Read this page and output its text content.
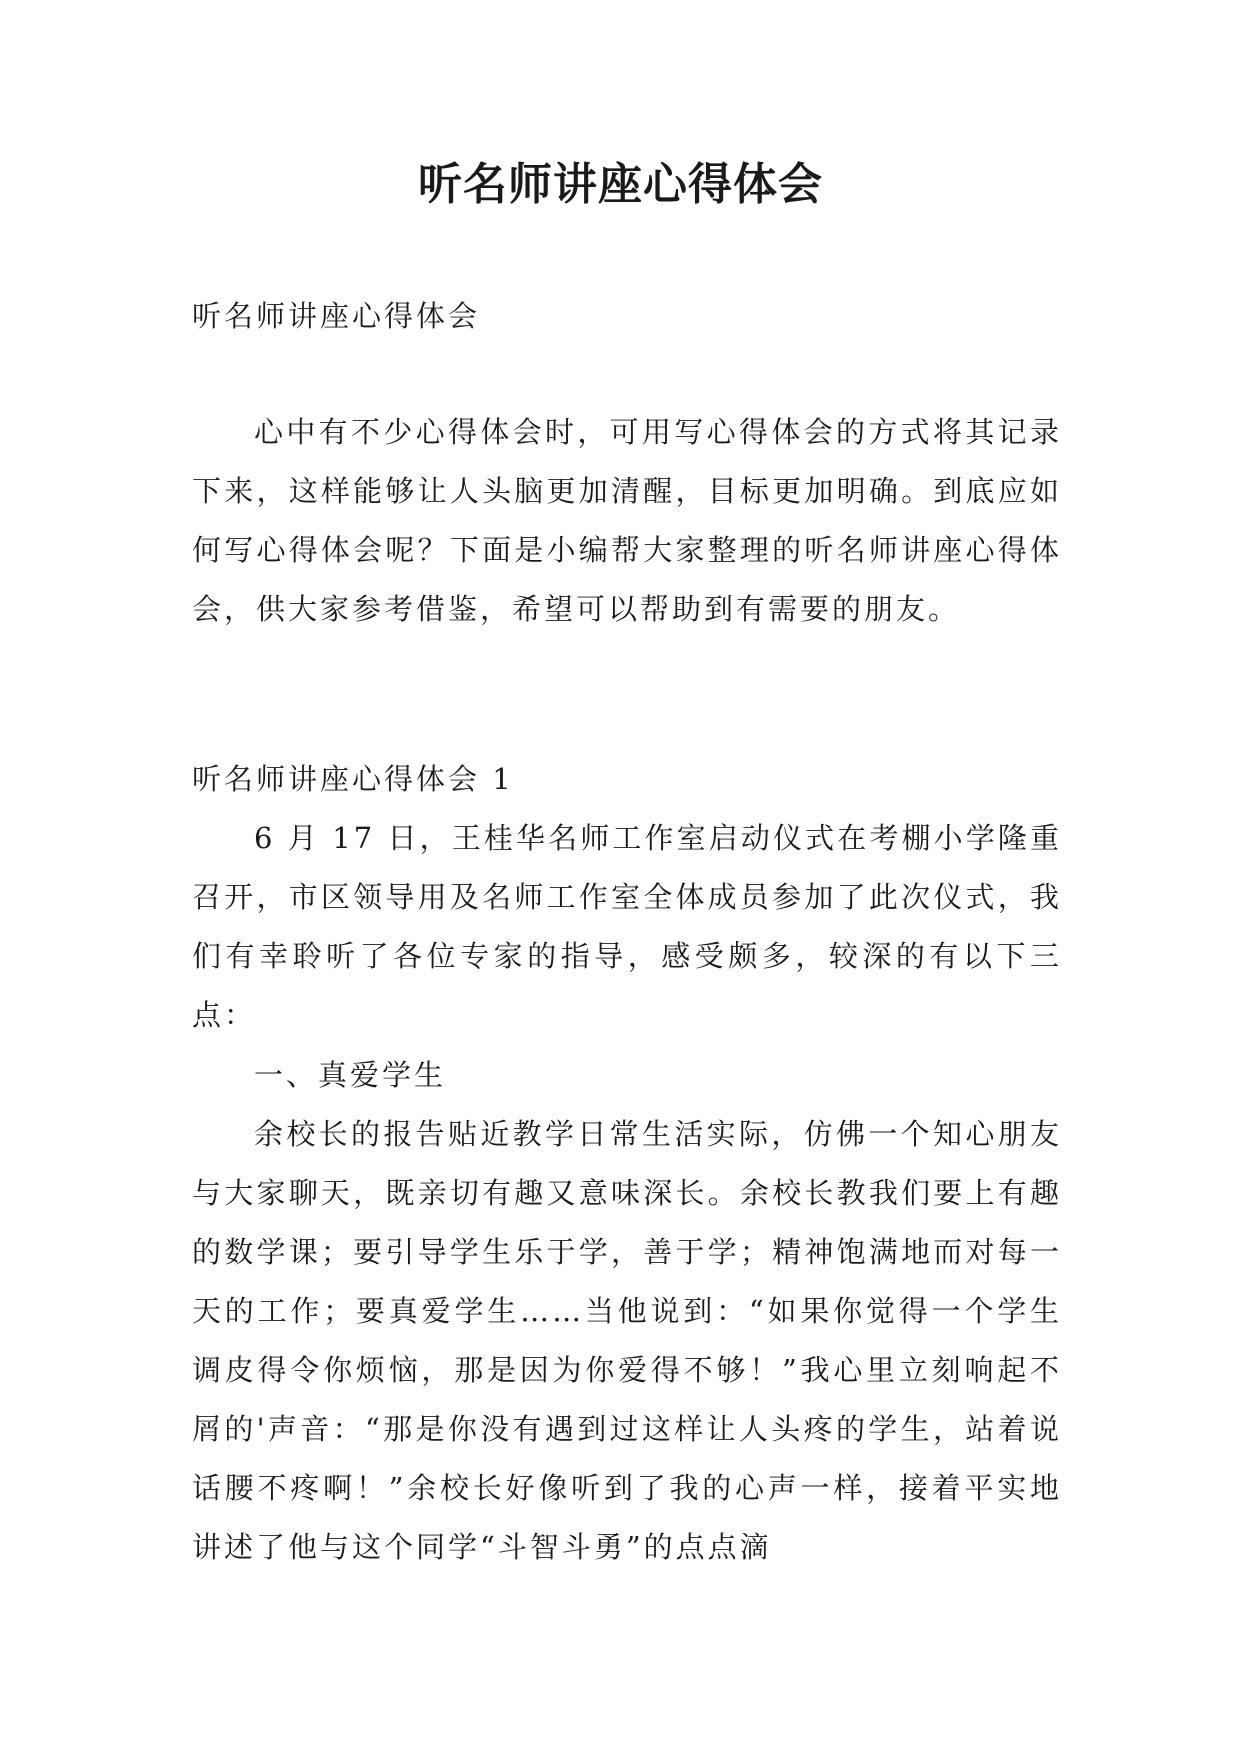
听名师讲座心得体会

听名师讲座心得体会

心中有不少心得体会时，可用写心得体会的方式将其记录下来，这样能够让人头脑更加清醒，目标更加明确。到底应如何写心得体会呢？下面是小编帮大家整理的听名师讲座心得体会，供大家参考借鉴，希望可以帮助到有需要的朋友。

听名师讲座心得体会 1

6 月 17 日，王桂华名师工作室启动仪式在考棚小学隆重召开，市区领导用及名师工作室全体成员参加了此次仪式，我们有幸聆听了各位专家的指导，感受颇多，较深的有以下三点：

一、真爱学生

余校长的报告贴近教学日常生活实际，仿佛一个知心朋友与大家聊天，既亲切有趣又意味深长。余校长教我们要上有趣的数学课；要引导学生乐于学，善于学；精神饱满地而对每一天的工作；要真爱学生……当他说到：“如果你觉得一个学生调皮得令你烦恼，那是因为你爱得不够！”我心里立刻响起不屑的'声音：“那是你没有遇到过这样让人头疼的学生，站着说话腰不疼啊！”余校长好像听到了我的心声一样，接着平实地讲述了他与这个同学“斗智斗勇”的点点滴
